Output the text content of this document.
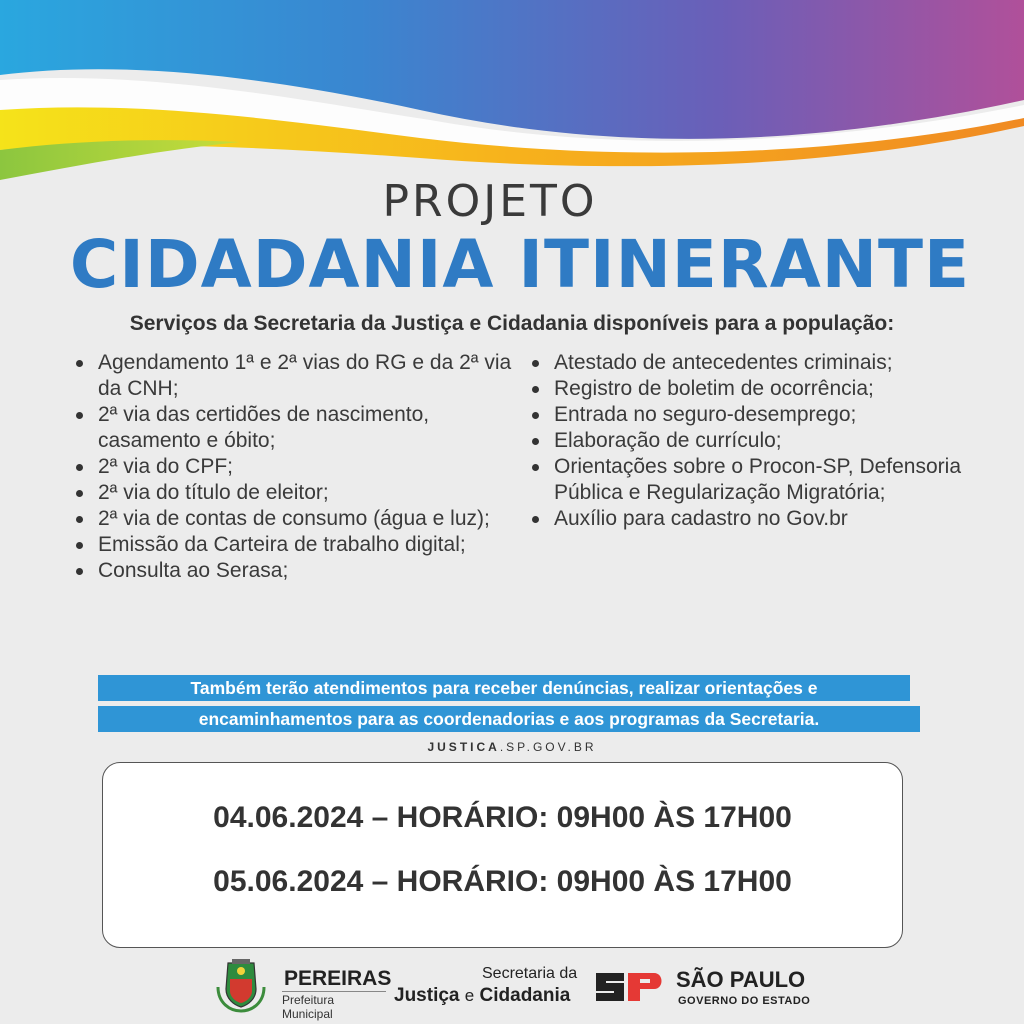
PROJETO
CIDADANIA ITINERANTE
Serviços da Secretaria da Justiça e Cidadania disponíveis para a população:
Agendamento 1ª e 2ª vias do RG e da 2ª via da CNH;
2ª via das certidões de nascimento, casamento e óbito;
2ª via do CPF;
2ª via do título de eleitor;
2ª via de contas de consumo (água e luz);
Emissão da Carteira de trabalho digital;
Consulta ao Serasa;
Atestado de antecedentes criminais;
Registro de boletim de ocorrência;
Entrada no seguro-desemprego;
Elaboração de currículo;
Orientações sobre o Procon-SP, Defensoria Pública e Regularização Migratória;
Auxílio para cadastro no Gov.br
Também terão atendimentos para receber denúncias, realizar orientações e
encaminhamentos para as coordenadorias e aos programas da Secretaria.
JUSTICA.SP.GOV.BR
04.06.2024 – HORÁRIO: 09H00 ÀS 17H00
05.06.2024 – HORÁRIO: 09H00 ÀS 17H00
PEREIRAS
Prefeitura Municipal
Secretaria da
Justiça e Cidadania
SÃO PAULO
GOVERNO DO ESTADO
